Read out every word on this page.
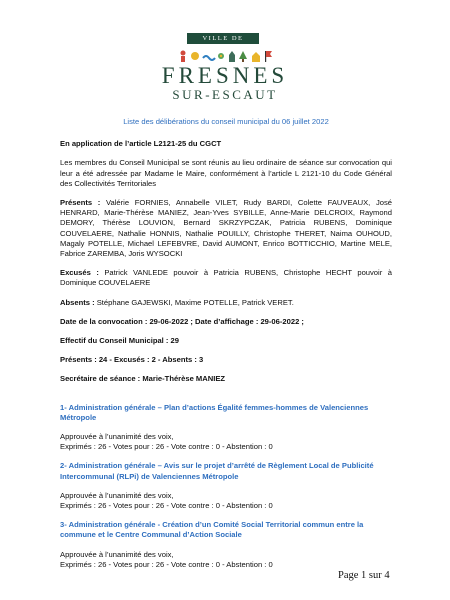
VILLE DE
FRESNES
SUR-ESCAUT

Liste des délibérations du conseil municipal du 06 juillet 2022

En application de l’article L2121-25 du CGCT

Les membres du Conseil Municipal se sont réunis au lieu ordinaire de séance sur convocation qui leur a été adressée par Madame le Maire, conformément à l’article L 2121-10 du Code Général des Collectivités Territoriales

Présents : Valérie FORNIES, Annabelle VILET, Rudy BARDI, Colette FAUVEAUX, José HENRARD, Marie-Thérèse MANIEZ, Jean-Yves SYBILLE, Anne-Marie DELCROIX, Raymond DEMORY, Thérèse LOUVION, Bernard SKRZYPCZAK, Patricia RUBENS, Dominique COUVELAERE, Nathalie HONNIS, Nathalie POUILLY, Christophe THERET, Naima OUHOUD, Magaly POTELLE, Michael LEFEBVRE, David AUMONT, Enrico BOTTICCHIO, Martine MELE, Fabrice ZAREMBA, Joris WYSOCKI

Excusés : Patrick VANLEDE pouvoir à Patricia RUBENS, Christophe HECHT pouvoir à Dominique COUVELAERE

Absents : Stéphane GAJEWSKI, Maxime POTELLE, Patrick VERET.

Date de la convocation : 29-06-2022 ; Date d’affichage : 29-06-2022 ;

Effectif du Conseil Municipal : 29

Présents : 24 - Excusés : 2 - Absents : 3

Secrétaire de séance : Marie-Thérèse MANIEZ

1- Administration générale – Plan d’actions Égalité femmes-hommes de Valenciennes Métropole

Approuvée à l’unanimité des voix,

Exprimés : 26 - Votes pour : 26 - Vote contre : 0 - Abstention : 0

2- Administration générale – Avis sur le projet d’arrêté de Règlement Local de Publicité Intercommunal (RLPi) de Valenciennes Métropole

Approuvée à l’unanimité des voix,

Exprimés : 26 - Votes pour : 26 - Vote contre : 0 - Abstention : 0

3- Administration générale - Création d’un Comité Social Territorial commun entre la commune et le Centre Communal d’Action Sociale

Approuvée à l’unanimité des voix,

Exprimés : 26 - Votes pour : 26 - Vote contre : 0 - Abstention : 0

Page 1 sur 4
